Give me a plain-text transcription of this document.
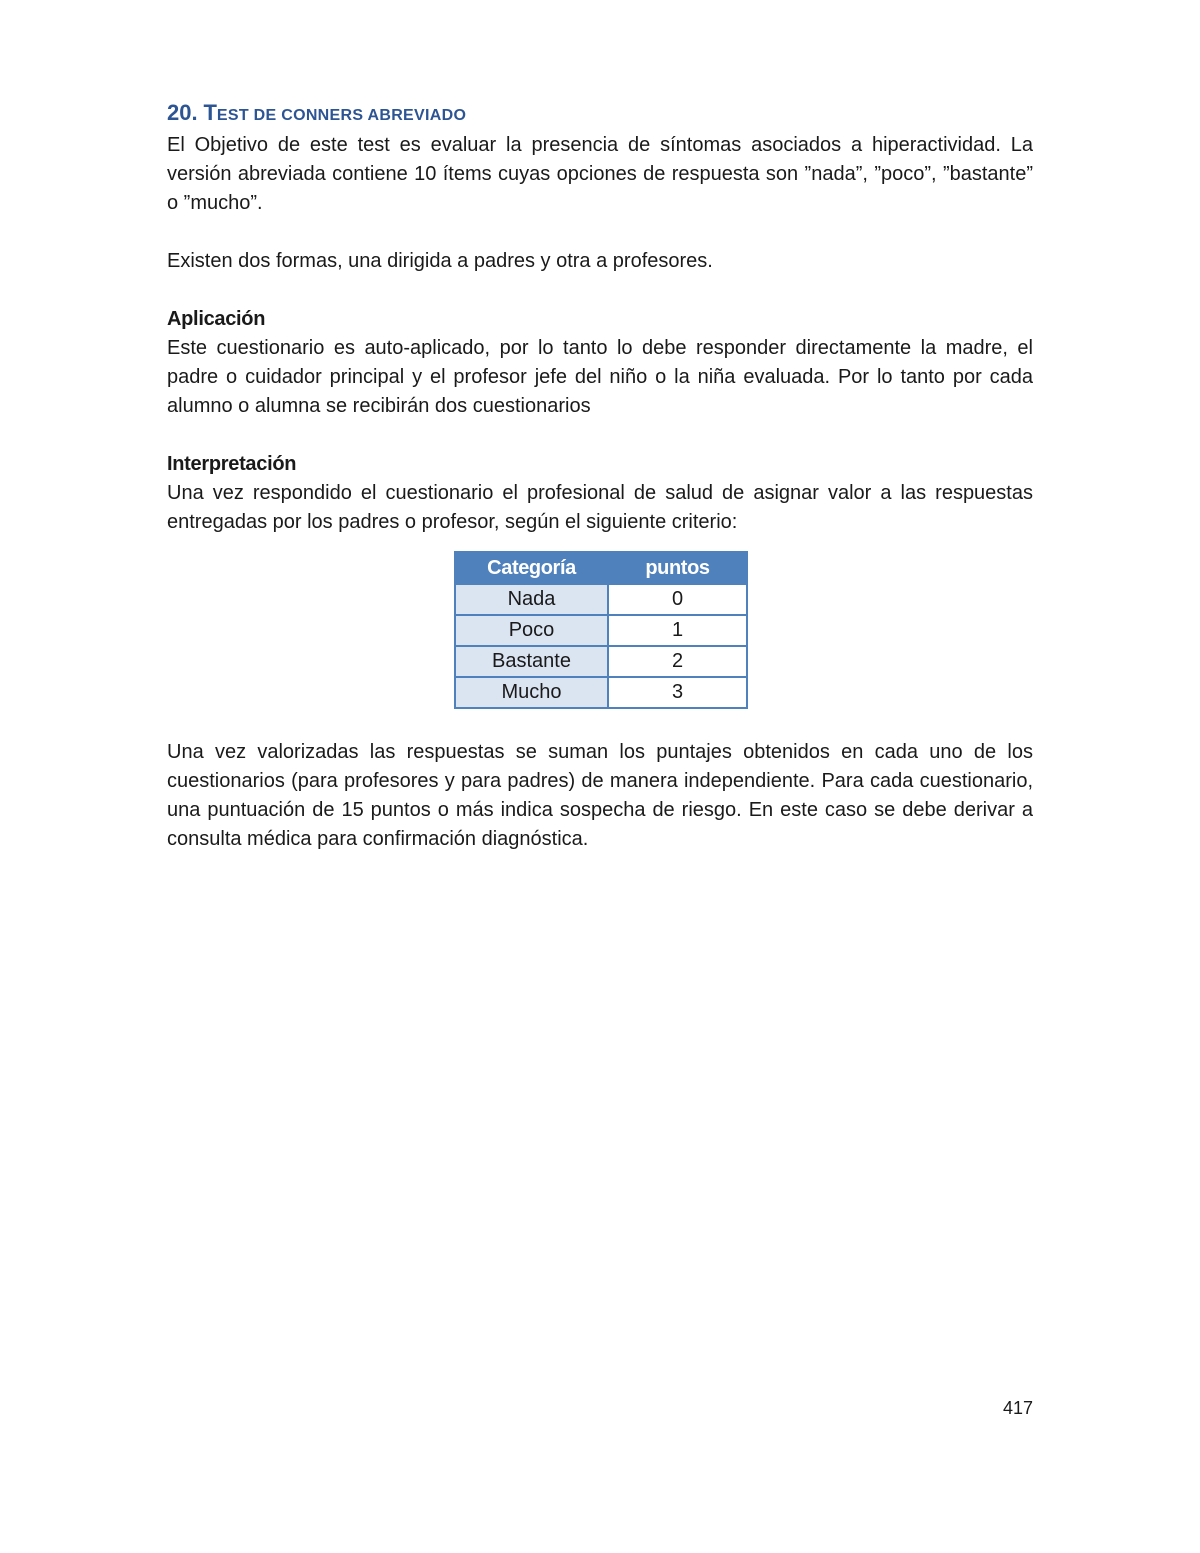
20. TEST DE CONNERS ABREVIADO

El Objetivo de este test es evaluar la presencia de síntomas asociados a hiperactividad. La versión abreviada contiene 10 ítems cuyas opciones de respuesta son ”nada”, ”poco”, ”bastante” o ”mucho”.

Existen dos formas, una dirigida a padres y otra a profesores.

Aplicación

Este cuestionario es auto-aplicado, por lo tanto lo debe responder directamente la madre, el padre o cuidador principal y el profesor jefe del niño o la niña evaluada. Por lo tanto por cada alumno o alumna se recibirán dos cuestionarios

Interpretación

Una vez respondido el cuestionario el profesional de salud de asignar valor a las respuestas entregadas por los padres o profesor, según el siguiente criterio:

Categoría	puntos
Nada	0
Poco	1
Bastante	2
Mucho	3

Una vez valorizadas las respuestas se suman los puntajes obtenidos en cada uno de los cuestionarios (para profesores y para padres) de manera independiente. Para cada cuestionario, una puntuación de 15 puntos o más indica sospecha de riesgo. En este caso se debe derivar a consulta médica para confirmación diagnóstica.

417
